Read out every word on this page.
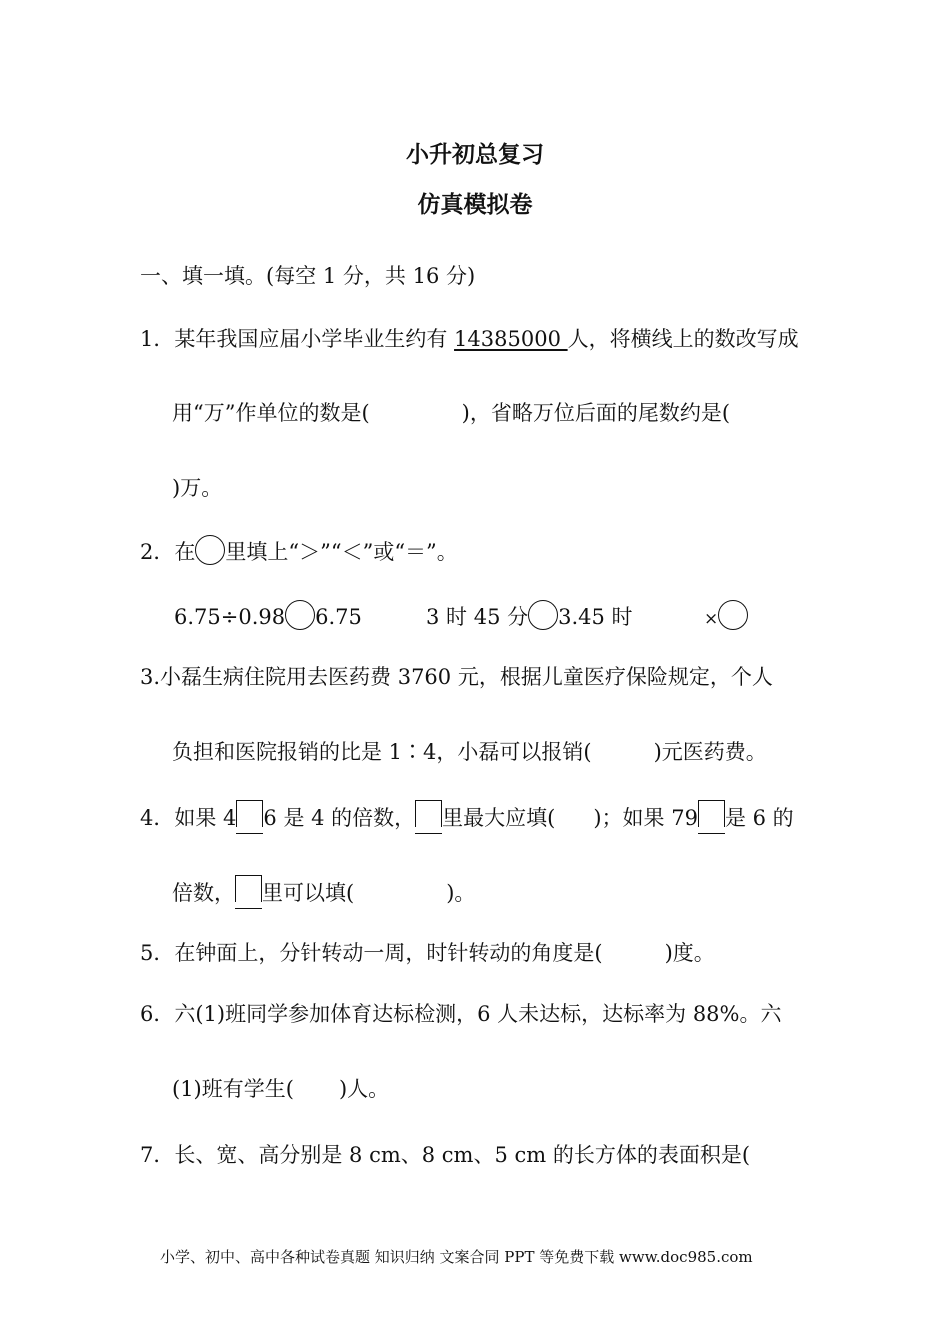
小升初总复习
仿真模拟卷
一、填一填。(每空 1 分，共 16 分)
1．某年我国应届小学毕业生约有 14385000 人，将横线上的数改写成
用“万”作单位的数是(	)，省略万位后面的尾数约是(
)万。
2．在 里填上“＞”“＜”或“＝”。
6.75÷0.98 6.75	3 时 45 分 3.45 时	×
3.小磊生病住院用去医药费 3760 元，根据儿童医疗保险规定，个人
负担和医院报销的比是 1∶4，小磊可以报销(	)元医药费。
4．如果 4 6 是 4 的倍数， 里最大应填( )；如果 79 是 6 的
倍数， 里可以填(	)。
5．在钟面上，分针转动一周，时针转动的角度是(	)度。
6．六(1)班同学参加体育达标检测，6 人未达标，达标率为 88%。六
(1)班有学生( )人。
7．长、宽、高分别是 8 cm、8 cm、5 cm 的长方体的表面积是(
小学、初中、高中各种试卷真题 知识归纳 文案合同 PPT 等免费下载 www.doc985.com
